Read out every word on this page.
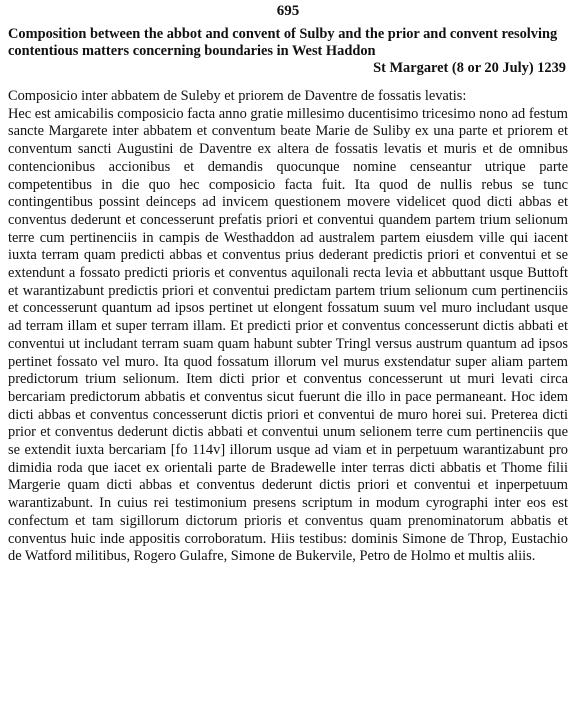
695
Composition between the abbot and convent of Sulby and the prior and convent resolving contentious matters concerning boundaries in West Haddon
St Margaret (8 or 20 July) 1239
Composicio inter abbatem de Suleby et priorem de Daventre de fossatis levatis:
Hec est amicabilis composicio facta anno gratie millesimo ducentisimo tricesimo nono ad festum sancte Margarete inter abbatem et conventum beate Marie de Suliby ex una parte et priorem et conventum sancti Augustini de Daventre ex altera de fossatis levatis et muris et de omnibus contencionibus accionibus et demandis quocunque nomine censeantur utrique parte competentibus in die quo hec composicio facta fuit. Ita quod de nullis rebus se tunc contingentibus possint deinceps ad invicem questionem movere videlicet quod dicti abbas et conventus dederunt et concesserunt prefatis priori et conventui quandem partem trium selionum terre cum pertinenciis in campis de Westhaddon ad australem partem eiusdem ville qui iacent iuxta terram quam predicti abbas et conventus prius dederant predictis priori et conventui et se extendunt a fossato predicti prioris et conventus aquilonali recta levia et abbuttant usque Buttoft et warantizabunt predictis priori et conventui predictam partem trium selionum cum pertinenciis et concesserunt quantum ad ipsos pertinet ut elongent fossatum suum vel muro includant usque ad terram illam et super terram illam. Et predicti prior et conventus concesserunt dictis abbati et conventui ut includant terram suam quam habunt subter Tringl versus austrum quantum ad ipsos pertinet fossato vel muro. Ita quod fossatum illorum vel murus exstendatur super aliam partem predictorum trium selionum. Item dicti prior et conventus concesserunt ut muri levati circa bercariam predictorum abbatis et conventus sicut fuerunt die illo in pace permaneant. Hoc idem dicti abbas et conventus concesserunt dictis priori et conventui de muro horei sui. Preterea dicti prior et conventus dederunt dictis abbati et conventui unum selionem terre cum pertinenciis que se extendit iuxta bercariam [fo 114v] illorum usque ad viam et in perpetuum warantizabunt pro dimidia roda que iacet ex orientali parte de Bradewelle inter terras dicti abbatis et Thome filii Margerie quam dicti abbas et conventus dederunt dictis priori et conventui et inperpetuum warantizabunt. In cuius rei testimonium presens scriptum in modum cyrographi inter eos est confectum et tam sigillorum dictorum prioris et conventus quam prenominatorum abbatis et conventus huic inde appositis corroboratum. Hiis testibus: dominis Simone de Throp, Eustachio de Watford militibus, Rogero Gulafre, Simone de Bukervile, Petro de Holmo et multis aliis.
